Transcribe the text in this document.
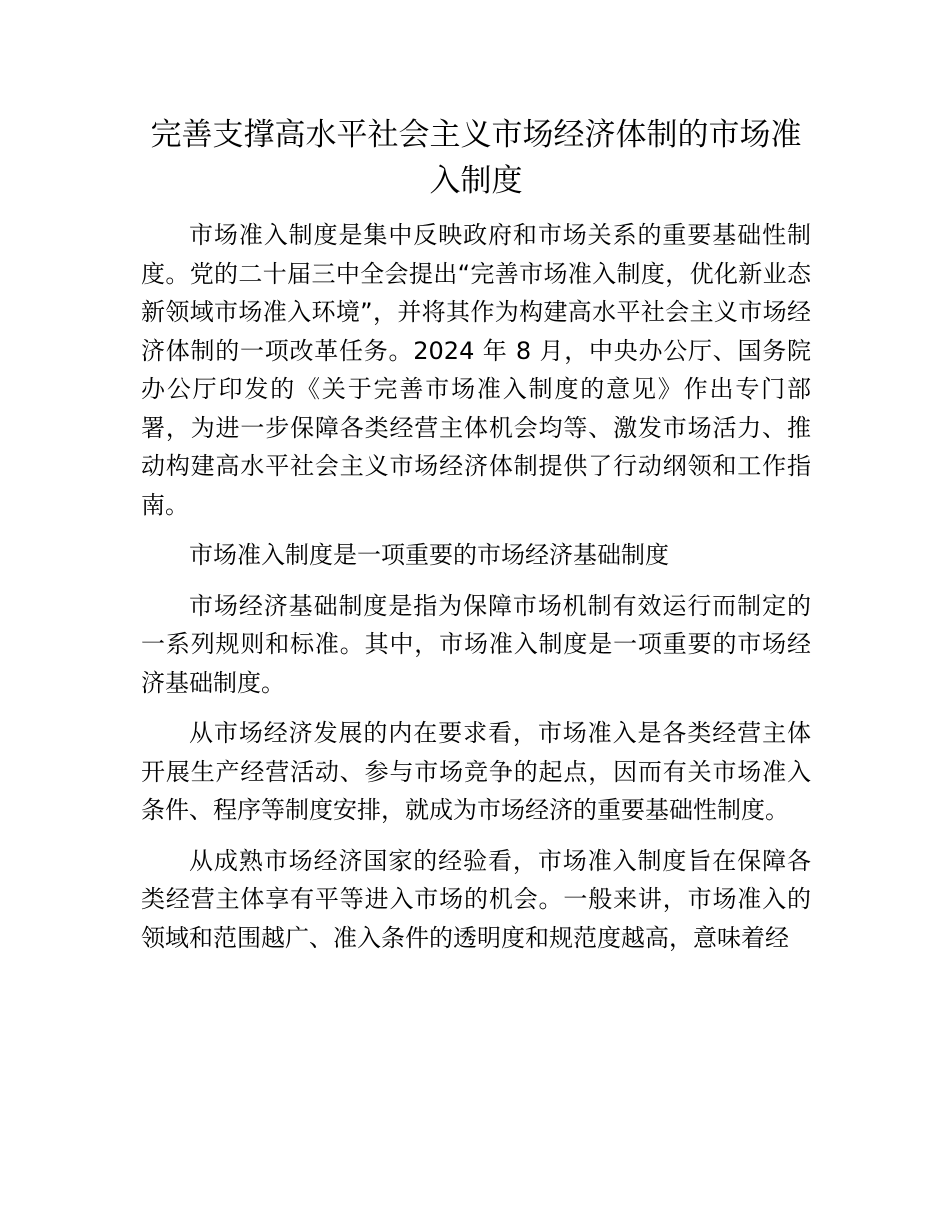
完善支撑高水平社会主义市场经济体制的市场准入制度

市场准入制度是集中反映政府和市场关系的重要基础性制度。党的二十届三中全会提出“完善市场准入制度，优化新业态新领域市场准入环境”，并将其作为构建高水平社会主义市场经济体制的一项改革任务。2024 年 8 月，中央办公厅、国务院办公厅印发的《关于完善市场准入制度的意见》作出专门部署，为进一步保障各类经营主体机会均等、激发市场活力、推动构建高水平社会主义市场经济体制提供了行动纲领和工作指南。

市场准入制度是一项重要的市场经济基础制度

市场经济基础制度是指为保障市场机制有效运行而制定的一系列规则和标准。其中，市场准入制度是一项重要的市场经济基础制度。

从市场经济发展的内在要求看，市场准入是各类经营主体开展生产经营活动、参与市场竞争的起点，因而有关市场准入条件、程序等制度安排，就成为市场经济的重要基础性制度。

从成熟市场经济国家的经验看，市场准入制度旨在保障各类经营主体享有平等进入市场的机会。一般来讲，市场准入的领域和范围越广、准入条件的透明度和规范度越高，意味着经
